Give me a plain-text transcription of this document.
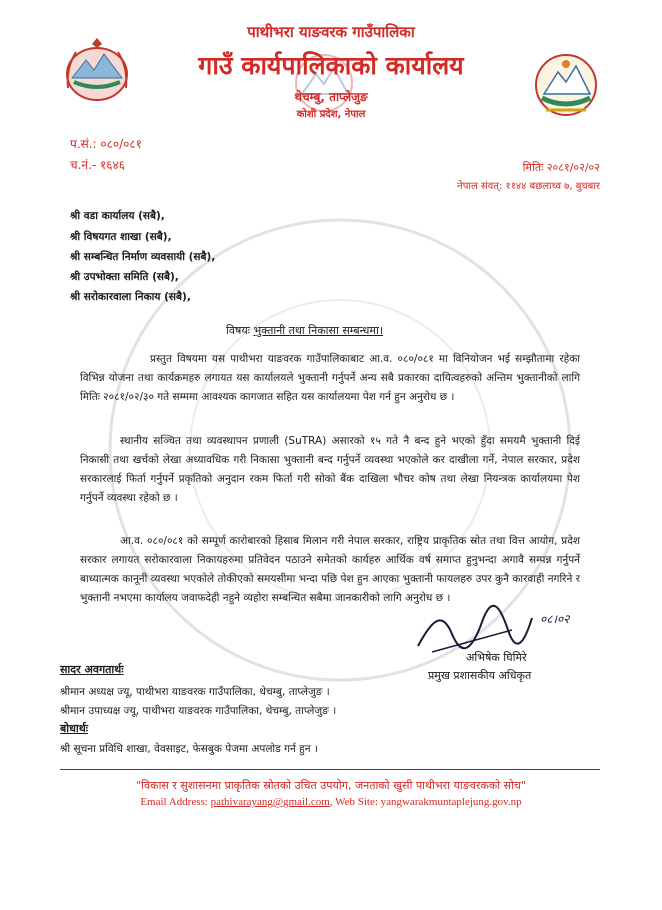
पाथीभरा याङवरक गाउँपालिका
गाउँ कार्यपालिकाको कार्यालय
थेचम्बु, ताप्लेजुङ
कोशी प्रदेश, नेपाल
प.सं.: ०८०/०८१
च.नं.- १६४६	मितिः २०८१/०२/०२
नेपाल संवत्: ११४४ बछलाथ्व ७, बुधबार
श्री वडा कार्यालय (सबै),
श्री विषयगत शाखा (सबै),
श्री सम्बन्धित निर्माण व्यवसायी (सबै),
श्री उपभोक्ता समिति (सबै),
श्री सरोकारवाला निकाय (सबै),
विषयः भुक्तानी तथा निकासा सम्बन्धमा।
प्रस्तुत विषयमा यस पाथीभरा याङवरक गाउँपालिकाबाट आ.व. ०८०/०८१ मा विनियोजन भई सम्झौतामा रहेका विभिन्न योजना तथा कार्यक्रमहरु लगायत यस कार्यालयले भुक्तानी गर्नुपर्ने अन्य सबै प्रकारका दायित्वहरुको अन्तिम भुक्तानीको लागि मितिः २०८१/०२/३० गते सम्ममा आवश्यक कागजात सहित यस कार्यालयमा पेश गर्न हुन अनुरोध छ ।
स्थानीय सञ्चित तथा व्यवस्थापन प्रणाली (SuTRA) असारको १५ गते नै बन्द हुने भएको हुँदा समयमै भुक्तानी दिई निकासी तथा खर्चको लेखा अध्यावधिक गरी निकासा भुक्तानी बन्द गर्नुपर्ने व्यवस्था भएकोले कर दाखीला गर्ने, नेपाल सरकार, प्रदेश सरकारलाई फिर्ता गर्नुपर्ने प्रकृतिको अनुदान रकम फिर्ता गरी सोको बैंक दाखिला भौचर कोष तथा लेखा नियन्त्रक कार्यालयमा पेश गर्नुपर्ने व्यवस्था रहेको छ ।
आ.व. ०८०/०८१ को सम्पूर्ण कारोबारको हिसाब मिलान गरी नेपाल सरकार, राष्ट्रिय प्राकृतिक स्रोत तथा वित्त आयोग, प्रदेश सरकार लगायत सरोकारवाला निकायहरुमा प्रतिवेदन पठाउने समेतको कार्यहरु आर्थिक वर्ष समाप्त हुनुभन्दा अगावै सम्पन्न गर्नुपर्ने बाध्यात्मक कानूनी व्यवस्था भएकोले तोकीएको समयसीमा भन्दा पछि पेश हुन आएका भुक्तानी फायलहरु उपर कुनै कारवाही नगरिने र भुक्तानी नभएमा कार्यालय जवाफदेही नहुने व्यहोरा सम्बन्धित सबैमा जानकारीको लागि अनुरोध छ ।
०८।०२
अभिषेक घिमिरे
प्रमुख प्रशासकीय अधिकृत
सादर अवगतार्थः
श्रीमान अध्यक्ष ज्यू, पाथीभरा याङवरक गाउँपालिका, थेचम्बु, ताप्लेजुङ ।
श्रीमान उपाध्यक्ष ज्यू, पाथीभरा याङवरक गाउँपालिका, थेचम्बु, ताप्लेजुङ ।
बोधार्थः
श्री सूचना प्रविधि शाखा, वेवसाइट, फेसबुक पेजमा अपलोड गर्न हुन ।
"विकास र सुशासनमा प्राकृतिक स्रोतको उचित उपयोग, जनताको खुसी पाथीभरा याङवरकको सोच"
Email Address: pathivarayang@gmail.com, Web Site: yangwarakmuntaplejung.gov.np
